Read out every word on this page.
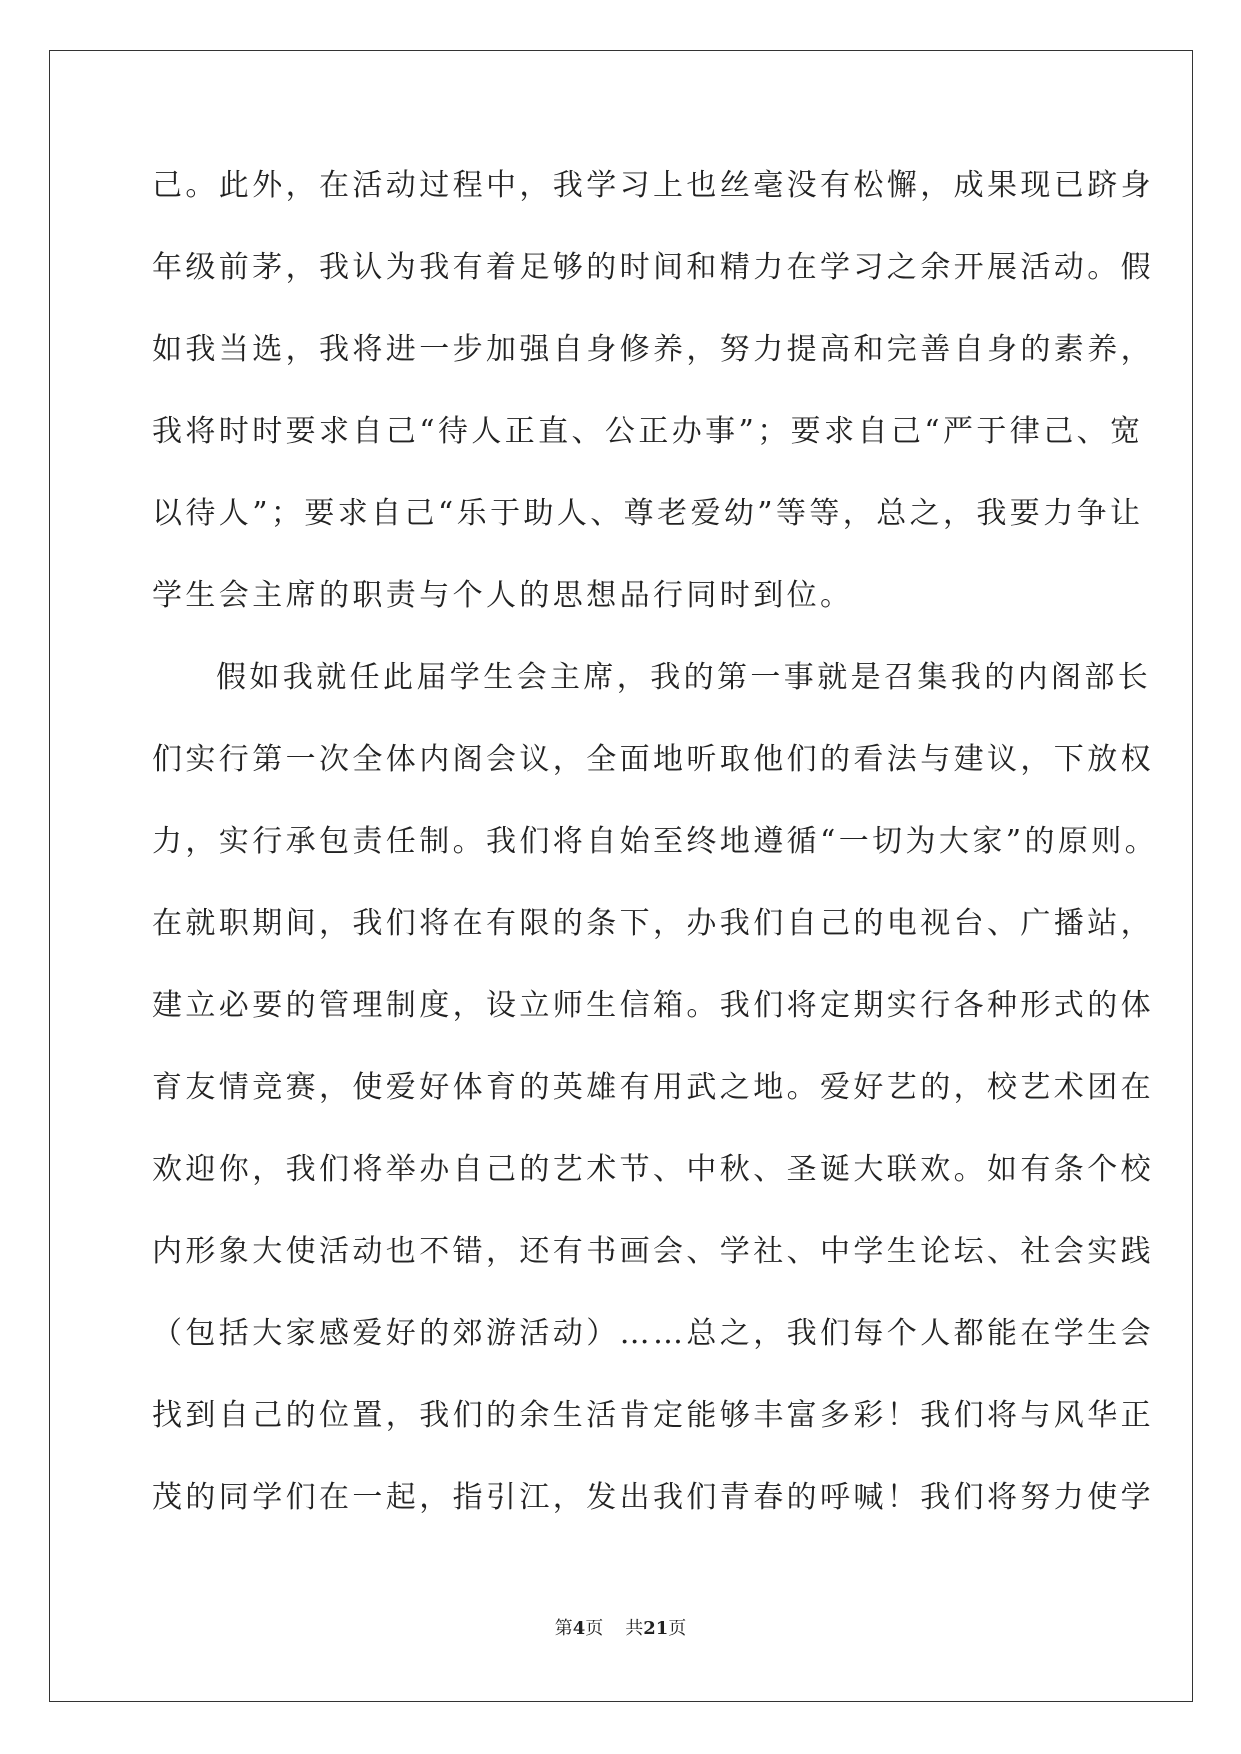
己。此外，在活动过程中，我学习上也丝毫没有松懈，成果现已跻身
年级前茅，我认为我有着足够的时间和精力在学习之余开展活动。假
如我当选，我将进一步加强自身修养，努力提高和完善自身的素养，
我将时时要求自己“待人正直、公正办事”；要求自己“严于律己、宽
以待人”；要求自己“乐于助人、尊老爱幼”等等，总之，我要力争让
学生会主席的职责与个人的思想品行同时到位。
假如我就任此届学生会主席，我的第一事就是召集我的内阁部长
们实行第一次全体内阁会议，全面地听取他们的看法与建议，下放权
力，实行承包责任制。我们将自始至终地遵循“一切为大家”的原则。
在就职期间，我们将在有限的条下，办我们自己的电视台、广播站，
建立必要的管理制度，设立师生信箱。我们将定期实行各种形式的体
育友情竞赛，使爱好体育的英雄有用武之地。爱好艺的，校艺术团在
欢迎你，我们将举办自己的艺术节、中秋、圣诞大联欢。如有条个校
内形象大使活动也不错，还有书画会、学社、中学生论坛、社会实践
（包括大家感爱好的郊游活动）……总之，我们每个人都能在学生会
找到自己的位置，我们的余生活肯定能够丰富多彩！我们将与风华正
茂的同学们在一起，指引江，发出我们青春的呼喊！我们将努力使学
第4页 共21页
